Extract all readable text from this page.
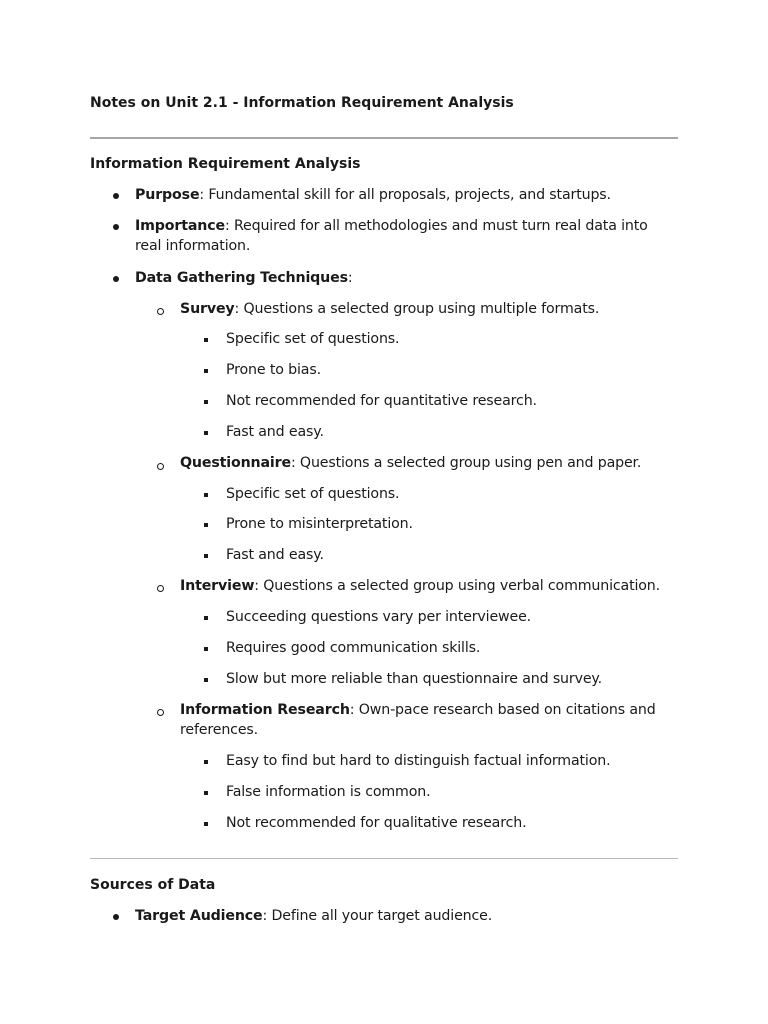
Notes on Unit 2.1 - Information Requirement Analysis
Information Requirement Analysis
Purpose: Fundamental skill for all proposals, projects, and startups.
Importance: Required for all methodologies and must turn real data into real information.
Data Gathering Techniques:
Survey: Questions a selected group using multiple formats.
Specific set of questions.
Prone to bias.
Not recommended for quantitative research.
Fast and easy.
Questionnaire: Questions a selected group using pen and paper.
Specific set of questions.
Prone to misinterpretation.
Fast and easy.
Interview: Questions a selected group using verbal communication.
Succeeding questions vary per interviewee.
Requires good communication skills.
Slow but more reliable than questionnaire and survey.
Information Research: Own-pace research based on citations and references.
Easy to find but hard to distinguish factual information.
False information is common.
Not recommended for qualitative research.
Sources of Data
Target Audience: Define all your target audience.
